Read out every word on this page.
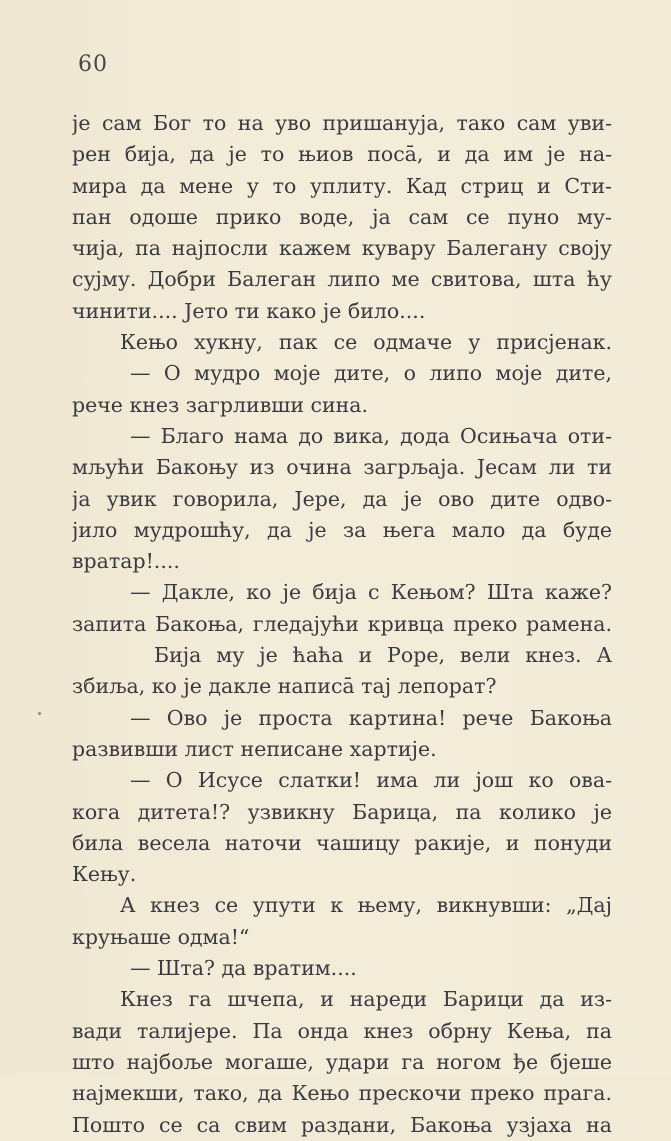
60
је сам Бог то на уво пришануја, тако сам уви-
рен бија, да је то њиов посā, и да им је на-
мира да мене у то уплиту. Кад стриц и Сти-
пан одоше прико воде, ја сам се пуно му-
чија, па најпосли кажем кувару Балегану своју
сујму. Добри Балеган липо ме свитова, шта ћу
чинити.... Јето ти како је било....
Кењо хукну, пак се одмаче у присјенак.
— О мудро моје дите, о липо моје дите,
рече кнез загрливши сина.
— Благо нама до вика, дода Осињача оти-
мљући Бакоњу из очина загрљаја. Јесам ли ти
ја увик говорила, Јере, да је ово дите одво-
јило мудрошћу, да је за њега мало да буде
вратар!....
— Дакле, ко је бија с Кењом? Шта каже?
запита Бакоња, гледајући кривца преко рамена.
Бија му је ћаћа и Роре, вели кнез. А
збиља, ко је дакле написā тај лепорат?
— Ово је проста картина! рече Бакоња
развивши лист неписане хартије.
— О Исусе слатки! има ли још ко ова-
кога дитета!? узвикну Барица, па колико је
била весела наточи чашицу ракије, и понуди
Кењу.
А кнез се упути к њему, викнувши: „Дај
круњаше одма!“
— Шта? да вратим....
Кнез га шчепа, и нареди Барици да из-
вади талијере. Па онда кнез обрну Кења, па
што најбоље могаше, удари га ногом ђе бјеше
најмекши, тако, да Кењо прескочи преко прага.
Пошто се са свим раздани, Бакоња узјаха на
